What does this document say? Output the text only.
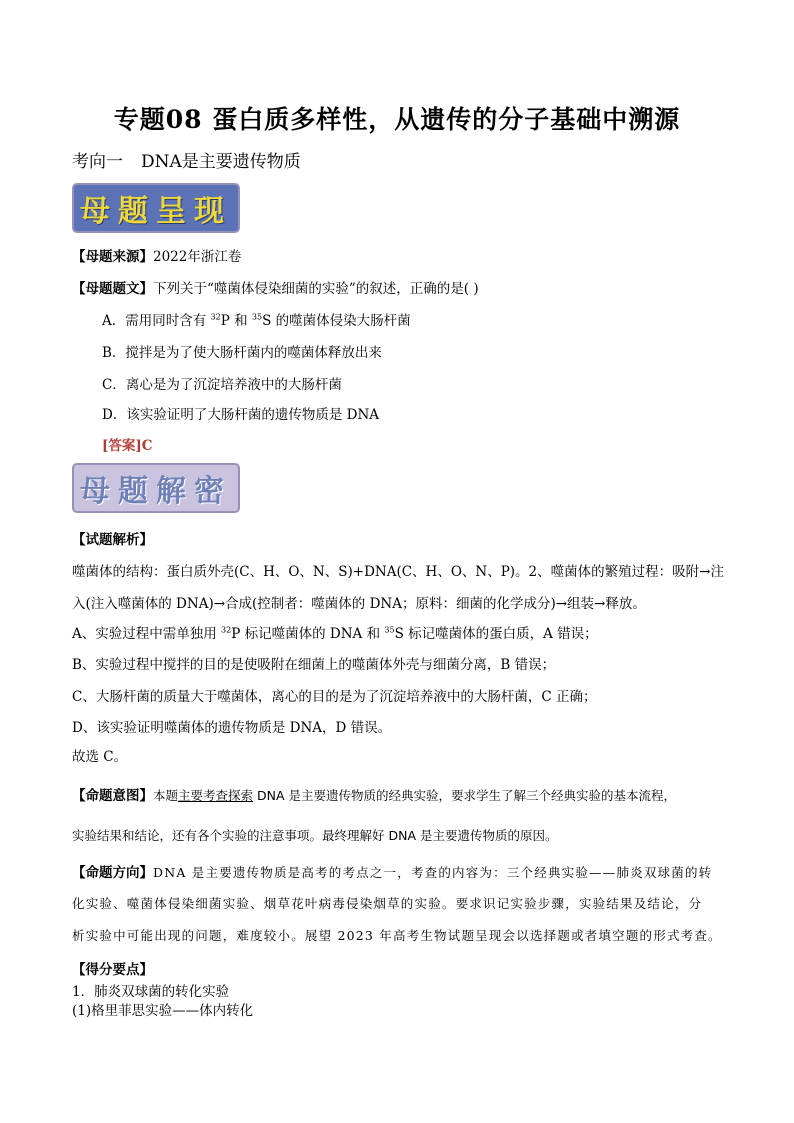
专题08 蛋白质多样性，从遗传的分子基础中溯源
考向一 DNA是主要遗传物质
母题呈现
【母题来源】2022年浙江卷
【母题题文】下列关于“噬菌体侵染细菌的实验”的叙述，正确的是( )
A．需用同时含有 $^{32}$P 和 $^{35}$S 的噬菌体侵染大肠杆菌
B．搅拌是为了使大肠杆菌内的噬菌体释放出来
C．离心是为了沉淀培养液中的大肠杆菌
D．该实验证明了大肠杆菌的遗传物质是 DNA
[答案]C
母题解密
【试题解析】
噬菌体的结构：蛋白质外壳(C、H、O、N、S)+DNA(C、H、O、N、P)。2、噬菌体的繁殖过程：吸附→注
入(注入噬菌体的 DNA)→合成(控制者：噬菌体的 DNA；原料：细菌的化学成分)→组装→释放。
A、实验过程中需单独用 $^{32}$P 标记噬菌体的 DNA 和 $^{35}$S 标记噬菌体的蛋白质，A 错误；
B、实验过程中搅拌的目的是使吸附在细菌上的噬菌体外壳与细菌分离，B 错误；
C、大肠杆菌的质量大于噬菌体，离心的目的是为了沉淀培养液中的大肠杆菌，C 正确；
D、该实验证明噬菌体的遗传物质是 DNA，D 错误。
故选 C。
【命题意图】本题主要考查探索 DNA 是主要遗传物质的经典实验，要求学生了解三个经典实验的基本流程，
实验结果和结论，还有各个实验的注意事项。最终理解好 DNA 是主要遗传物质的原因。
【命题方向】DNA 是主要遗传物质是高考的考点之一，考查的内容为：三个经典实验——肺炎双球菌的转
化实验、噬菌体侵染细菌实验、烟草花叶病毒侵染烟草的实验。要求识记实验步骤，实验结果及结论，分
析实验中可能出现的问题，难度较小。展望 2023 年高考生物试题呈现会以选择题或者填空题的形式考查。
【得分要点】
1．肺炎双球菌的转化实验
(1)格里菲思实验——体内转化
